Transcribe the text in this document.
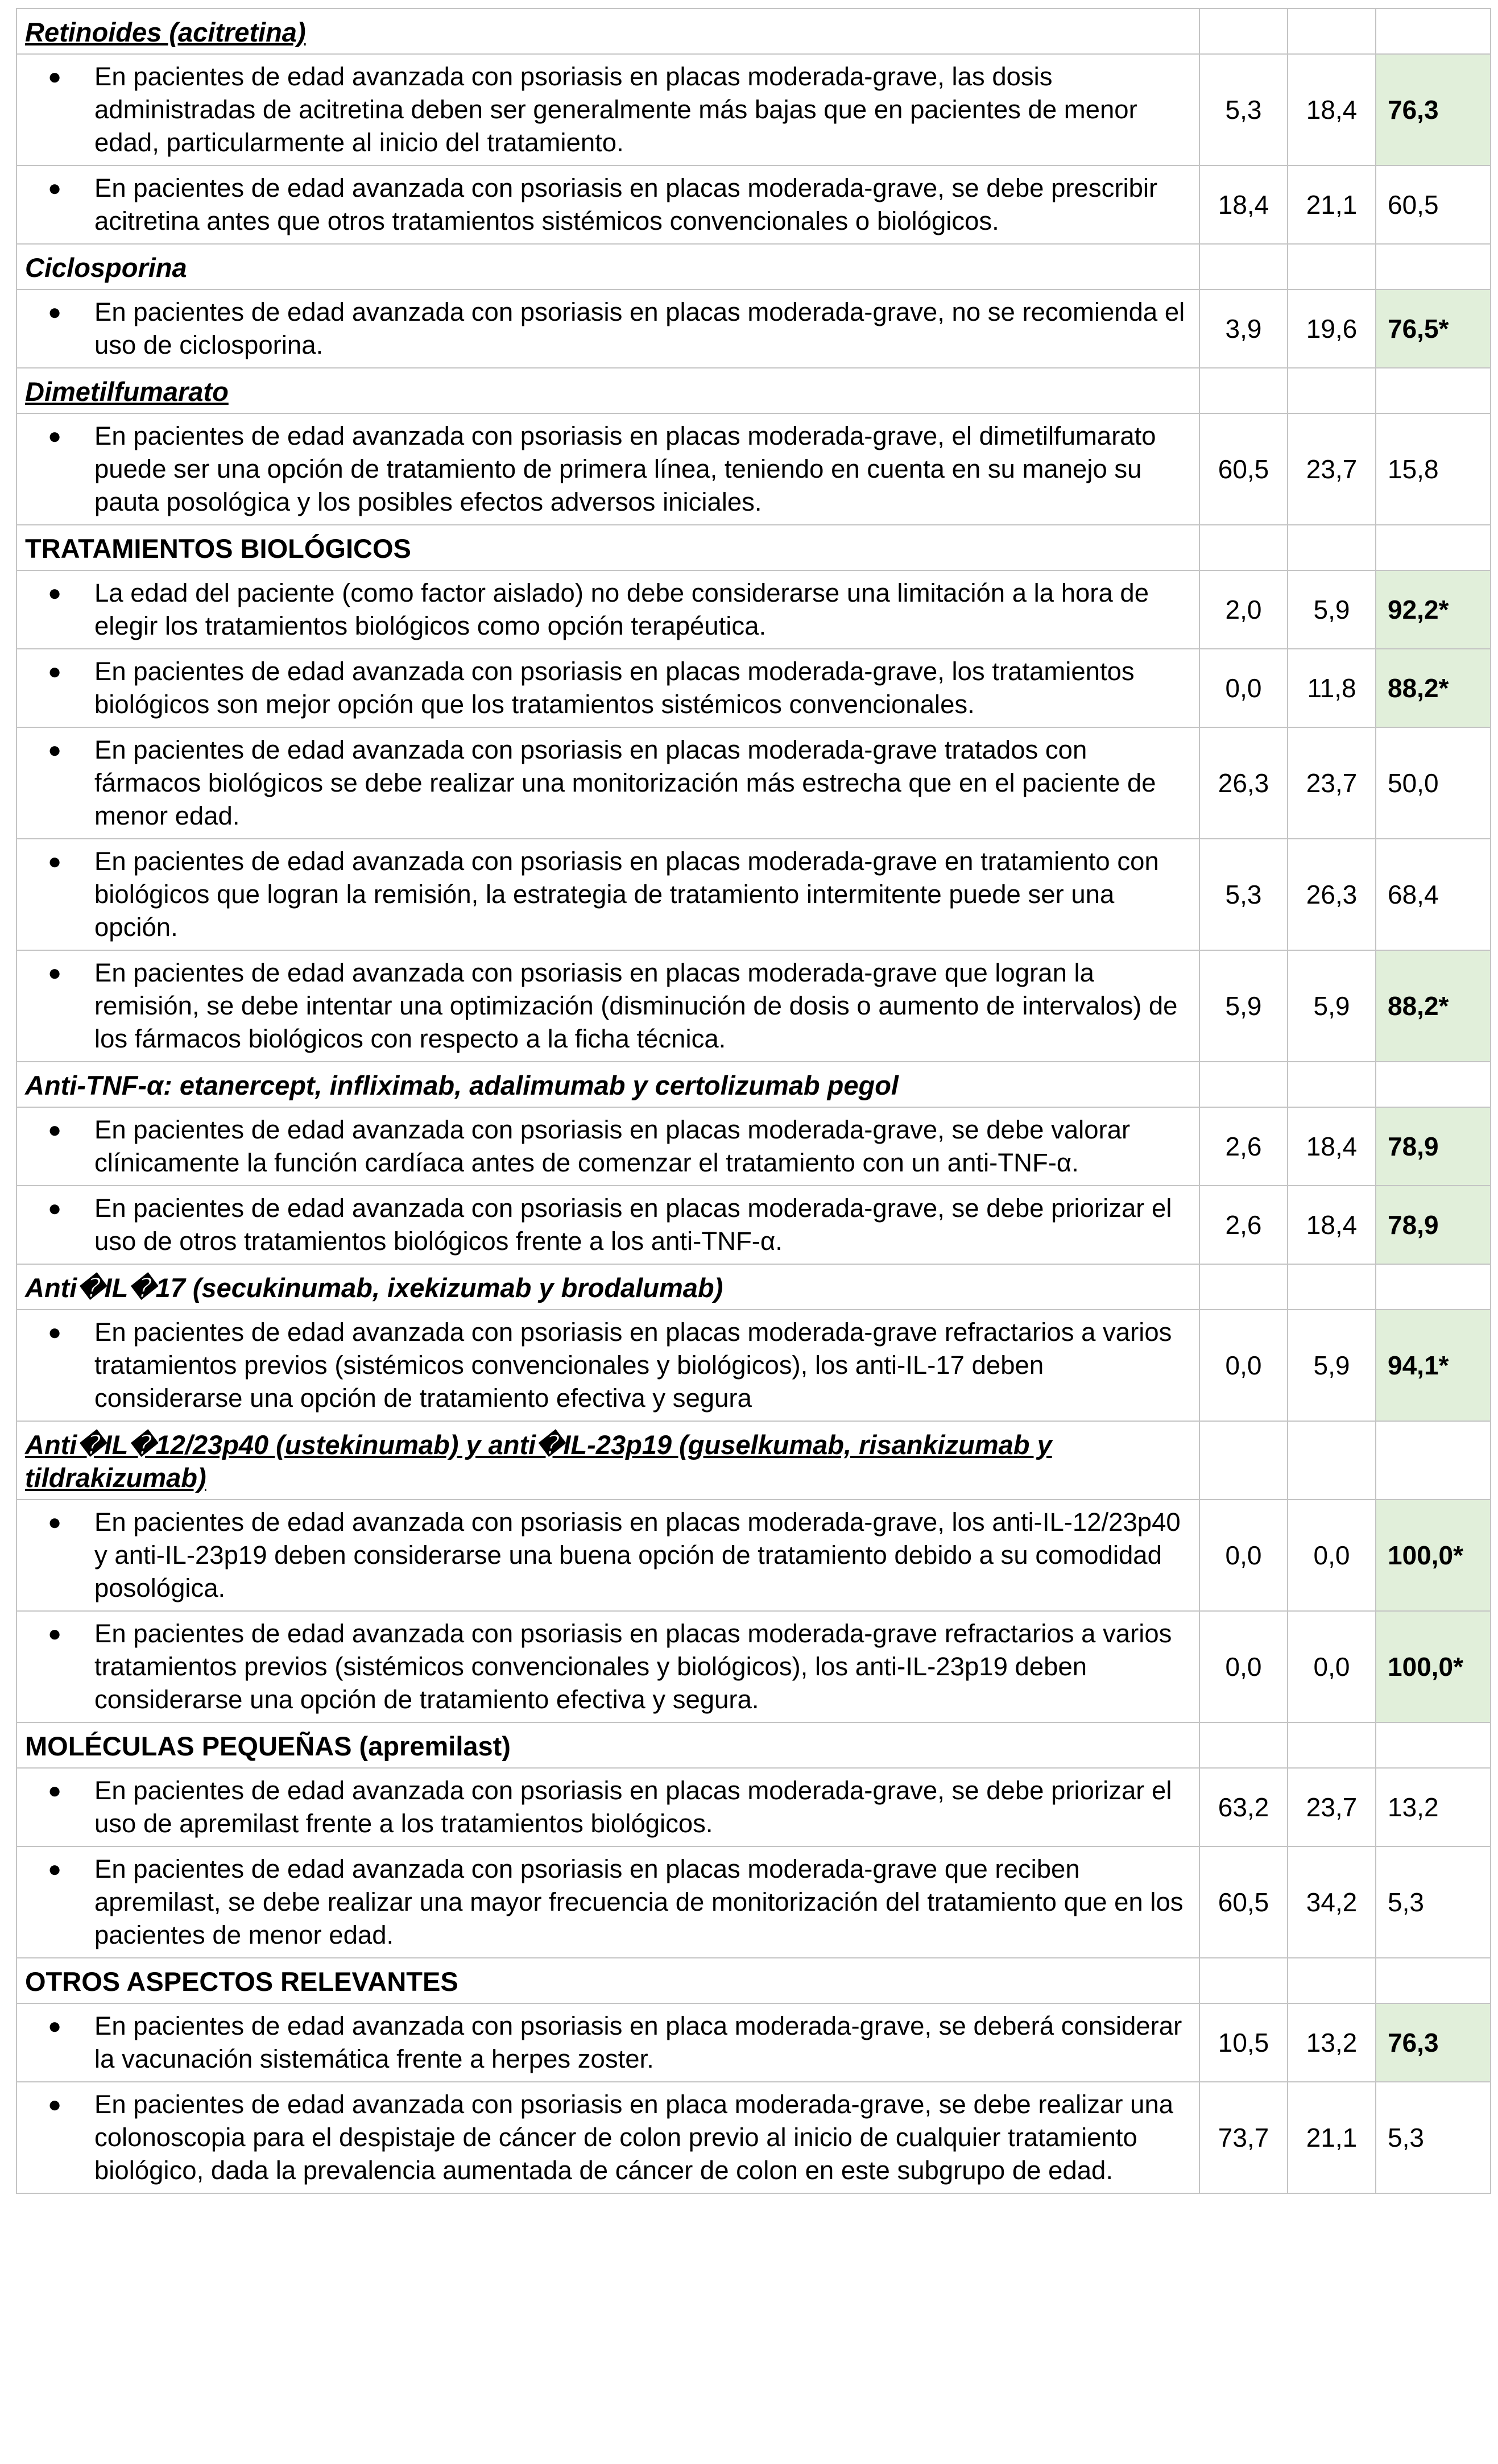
Retinoides (acitretina)			

● En pacientes de edad avanzada con psoriasis en placas moderada-grave, las dosis administradas de acitretina deben ser generalmente más bajas que en pacientes de menor edad, particularmente al inicio del tratamiento.	5,3	18,4	76,3

● En pacientes de edad avanzada con psoriasis en placas moderada-grave, se debe prescribir acitretina antes que otros tratamientos sistémicos convencionales o biológicos.	18,4	21,1	60,5

Ciclosporina			

● En pacientes de edad avanzada con psoriasis en placas moderada-grave, no se recomienda el uso de ciclosporina.	3,9	19,6	76,5*

Dimetilfumarato			

● En pacientes de edad avanzada con psoriasis en placas moderada-grave, el dimetilfumarato puede ser una opción de tratamiento de primera línea, teniendo en cuenta en su manejo su pauta posológica y los posibles efectos adversos iniciales.	60,5	23,7	15,8

TRATAMIENTOS BIOLÓGICOS			

● La edad del paciente (como factor aislado) no debe considerarse una limitación a la hora de elegir los tratamientos biológicos como opción terapéutica.	2,0	5,9	92,2*

● En pacientes de edad avanzada con psoriasis en placas moderada-grave, los tratamientos biológicos son mejor opción que los tratamientos sistémicos convencionales.	0,0	11,8	88,2*

● En pacientes de edad avanzada con psoriasis en placas moderada-grave tratados con fármacos biológicos se debe realizar una monitorización más estrecha que en el paciente de menor edad.	26,3	23,7	50,0

● En pacientes de edad avanzada con psoriasis en placas moderada-grave en tratamiento con biológicos que logran la remisión, la estrategia de tratamiento intermitente puede ser una opción.	5,3	26,3	68,4

● En pacientes de edad avanzada con psoriasis en placas moderada-grave que logran la remisión, se debe intentar una optimización (disminución de dosis o aumento de intervalos) de los fármacos biológicos con respecto a la ficha técnica.	5,9	5,9	88,2*

Anti-TNF-α: etanercept, infliximab, adalimumab y certolizumab pegol			

● En pacientes de edad avanzada con psoriasis en placas moderada-grave, se debe valorar clínicamente la función cardíaca antes de comenzar el tratamiento con un anti-TNF-α.	2,6	18,4	78,9

● En pacientes de edad avanzada con psoriasis en placas moderada-grave, se debe priorizar el uso de otros tratamientos biológicos frente a los anti-TNF-α.	2,6	18,4	78,9

Anti�IL�17 (secukinumab, ixekizumab y brodalumab)			

● En pacientes de edad avanzada con psoriasis en placas moderada-grave refractarios a varios tratamientos previos (sistémicos convencionales y biológicos), los anti-IL-17 deben considerarse una opción de tratamiento efectiva y segura	0,0	5,9	94,1*

Anti�IL�12/23p40 (ustekinumab) y anti�IL-23p19 (guselkumab, risankizumab y tildrakizumab)			

● En pacientes de edad avanzada con psoriasis en placas moderada-grave, los anti-IL-12/23p40 y anti-IL-23p19 deben considerarse una buena opción de tratamiento debido a su comodidad posológica.	0,0	0,0	100,0*

● En pacientes de edad avanzada con psoriasis en placas moderada-grave refractarios a varios tratamientos previos (sistémicos convencionales y biológicos), los anti-IL-23p19 deben considerarse una opción de tratamiento efectiva y segura.	0,0	0,0	100,0*

MOLÉCULAS PEQUEÑAS (apremilast)			

● En pacientes de edad avanzada con psoriasis en placas moderada-grave, se debe priorizar el uso de apremilast frente a los tratamientos biológicos.	63,2	23,7	13,2

● En pacientes de edad avanzada con psoriasis en placas moderada-grave que reciben apremilast, se debe realizar una mayor frecuencia de monitorización del tratamiento que en los pacientes de menor edad.	60,5	34,2	5,3

OTROS ASPECTOS RELEVANTES			

● En pacientes de edad avanzada con psoriasis en placa moderada-grave, se deberá considerar la vacunación sistemática frente a herpes zoster.	10,5	13,2	76,3

● En pacientes de edad avanzada con psoriasis en placa moderada-grave, se debe realizar una colonoscopia para el despistaje de cáncer de colon previo al inicio de cualquier tratamiento biológico, dada la prevalencia aumentada de cáncer de colon en este subgrupo de edad.	73,7	21,1	5,3
